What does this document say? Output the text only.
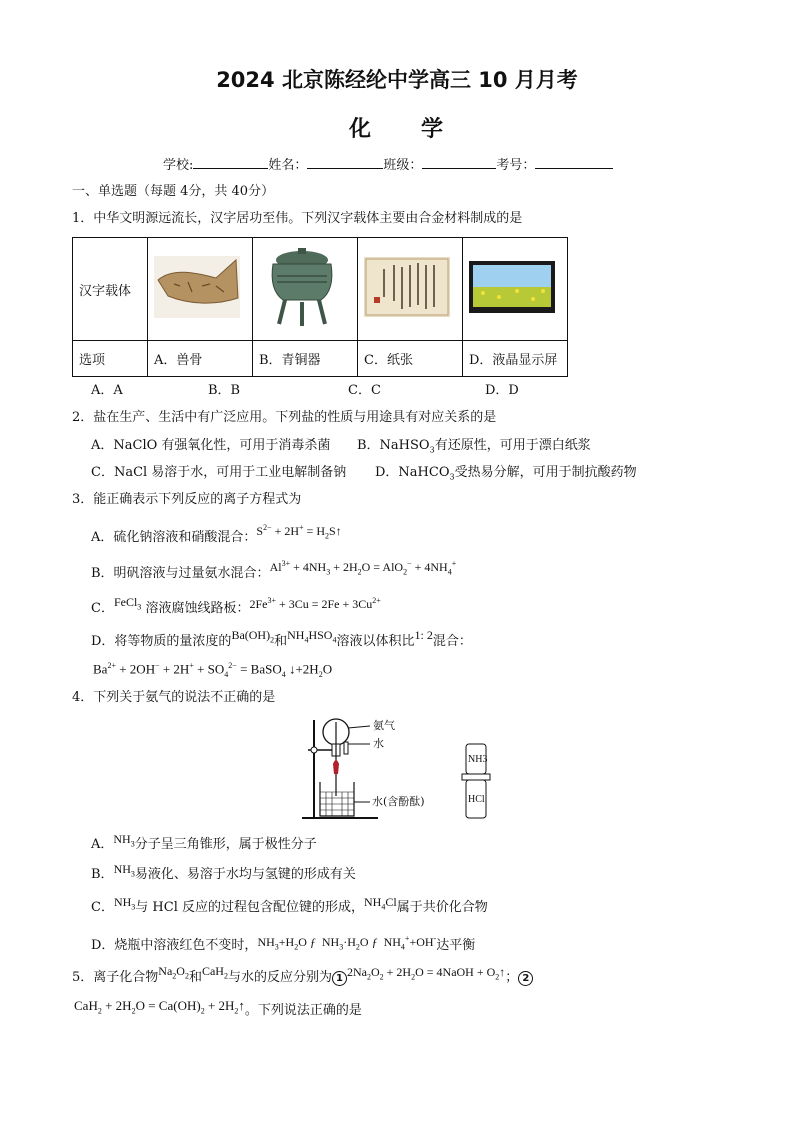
2024 北京陈经纶中学高三 10 月月考
化 学
学校:	姓名：	班级：	考号：
一、单选题（每题 4分，共 40分）
1．中华文明源远流长，汉字居功至伟。下列汉字载体主要由合金材料制成的是
汉字载体				
选项	A．兽骨	B．青铜器	C．纸张	D．液晶显示屏
A．A	B．B	C．C	D．D
2．盐在生产、生活中有广泛应用。下列盐的性质与用途具有对应关系的是
A．NaClO 有强氧化性，可用于消毒杀菌 B．NaHSO$_3$有还原性，可用于漂白纸浆
C．NaCl 易溶于水，可用于工业电解制备钠 D．NaHCO$_3$受热易分解，可用于制抗酸药物
3．能正确表示下列反应的离子方程式为
A．硫化钠溶液和硝酸混合：$S^{2-} + 2H^+$ = $H_2S↑$
B．明矾溶液与过量氨水混合：$Al^{3+} + 4NH_3 + 2H_2O = AlO_2^- + 4NH_4^+$
C．FeCl$_3$ 溶液腐蚀线路板：$2Fe^{3+} + 3Cu = 2Fe + 3Cu^{2+}$
D．将等物质的量浓度的$Ba(OH)_2$和$NH_4HSO_4$溶液以体积比1: 2混合：
$Ba^{2+} + 2OH^- + 2H^+ + SO_4^{2-}$ = BaSO$_4$ $↓+2H_2O$
4．下列关于氨气的说法不正确的是
氨气
水
水(含酚酞)
NH3
HCl
A．$NH_3$分子呈三角锥形，属于极性分子
B．$NH_3$易液化、易溶于水均与氢键的形成有关
C．$NH_3$与 HCl 反应的过程包含配位键的形成，$NH_4Cl$属于共价化合物
D．烧瓶中溶液红色不变时，$NH_3+H_2O$ ƒ  $NH_3\cdot H_2O$ ƒ  $NH_4^++OH^-$达平衡
5．离子化合物$Na_2O_2$和CaH$_2$与水的反应分别为 1 $2Na_2O_2 + 2H_2O$ = 4NaOH + $O_2↑$； 2
$CaH_2 + 2H_2O = Ca(OH)_2$ + $2H_2↑$。下列说法正确的是
